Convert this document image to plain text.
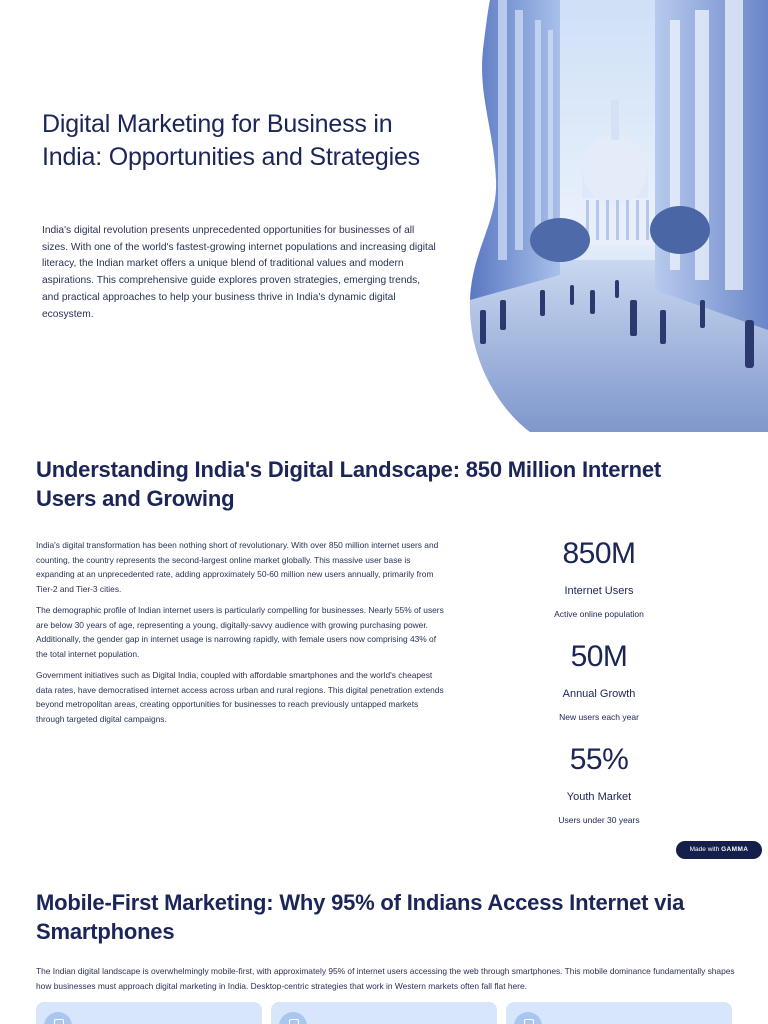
Digital Marketing for Business in India: Opportunities and Strategies

India's digital revolution presents unprecedented opportunities for businesses of all sizes. With one of the world's fastest-growing internet populations and increasing digital literacy, the Indian market offers a unique blend of traditional values and modern aspirations. This comprehensive guide explores proven strategies, emerging trends, and practical approaches to help your business thrive in India's dynamic digital ecosystem.

Understanding India's Digital Landscape: 850 Million Internet Users and Growing

India's digital transformation has been nothing short of revolutionary. With over 850 million internet users and counting, the country represents the second-largest online market globally. This massive user base is expanding at an unprecedented rate, adding approximately 50-60 million new users annually, primarily from Tier-2 and Tier-3 cities.

The demographic profile of Indian internet users is particularly compelling for businesses. Nearly 55% of users are below 30 years of age, representing a young, digitally-savvy audience with growing purchasing power. Additionally, the gender gap in internet usage is narrowing rapidly, with female users now comprising 43% of the total internet population.

Government initiatives such as Digital India, coupled with affordable smartphones and the world's cheapest data rates, have democratised internet access across urban and rural regions. This digital penetration extends beyond metropolitan areas, creating opportunities for businesses to reach previously untapped markets through targeted digital campaigns.

850M
Internet Users
Active online population
50M
Annual Growth
New users each year
55%
Youth Market
Users under 30 years
Made with GAMMA
Mobile-First Marketing: Why 95% of Indians Access Internet via Smartphones

The Indian digital landscape is overwhelmingly mobile-first, with approximately 95% of internet users accessing the web through smartphones. This mobile dominance fundamentally shapes how businesses must approach digital marketing in India. Desktop-centric strategies that work in Western markets often fall flat here.
